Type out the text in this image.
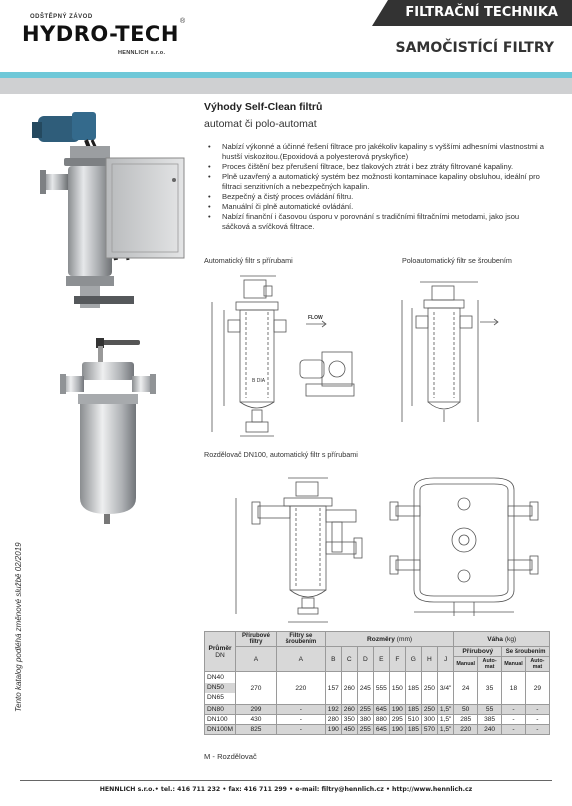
ODŠTĚPNÝ ZÁVOD
HYDRO-TECH
®
HENNLICH s.r.o.
FILTRAČNÍ TECHNIKA
SAMOČISTÍCÍ FILTRY
Tento katalog podléhá změnové službě 02/2019
Výhody Self-Clean filtrů
automat či polo-automat
• Nabízí výkonné a účinné řešení filtrace pro jakékoliv kapaliny s vyššími adhesními vlastnostmi a hustší viskozitou.(Epoxidová a polyesterová pryskyřice)
• Proces čištění bez přerušení filtrace, bez tlakových ztrát i bez ztráty filtrované kapaliny.
• Plně uzavřený a automatický systém bez možnosti kontaminace kapaliny obsluhou, ideální pro filtraci senzitivních a nebezpečných kapalin.
• Bezpečný a čistý proces ovládání filtru.
• Manuální či plně automatické ovládání.
• Nabízí finanční i časovou úsporu v porovnání s tradičními filtračními metodami, jako jsou sáčková a svíčková filtrace.
Automatický filtr s přírubami	Poloautomatický filtr se šroubením
FLOW
B DIA
Rozdělovač DN100, automatický filtr s přírubami
Průměr
DN	Přírubové filtry	Filtry se šroubením	Rozměry (mm)								Váha (kg)			
	A	A	B	C	D	E	F	G	H	J	Přírubový		Se šroubením	
											Manual	Auto-mat	Manual	Auto-mat

DN40
DN50
DN65	270	220	157	260	245	555	150	185	250	3/4"	24	35	18	29
DN80	299	-	192	260	255	645	190	185	250	1,5"	50	55	-	-
DN100	430	-	280	350	380	880	295	510	300	1,5"	285	385	-	-
DN100M	825	-	190	450	255	645	190	185	570	1,5"	220	240	-	-
M - Rozdělovač
HENNLICH s.r.o.• tel.: 416 711 232 • fax: 416 711 299 • e-mail: filtry@hennlich.cz • http://www.hennlich.cz
